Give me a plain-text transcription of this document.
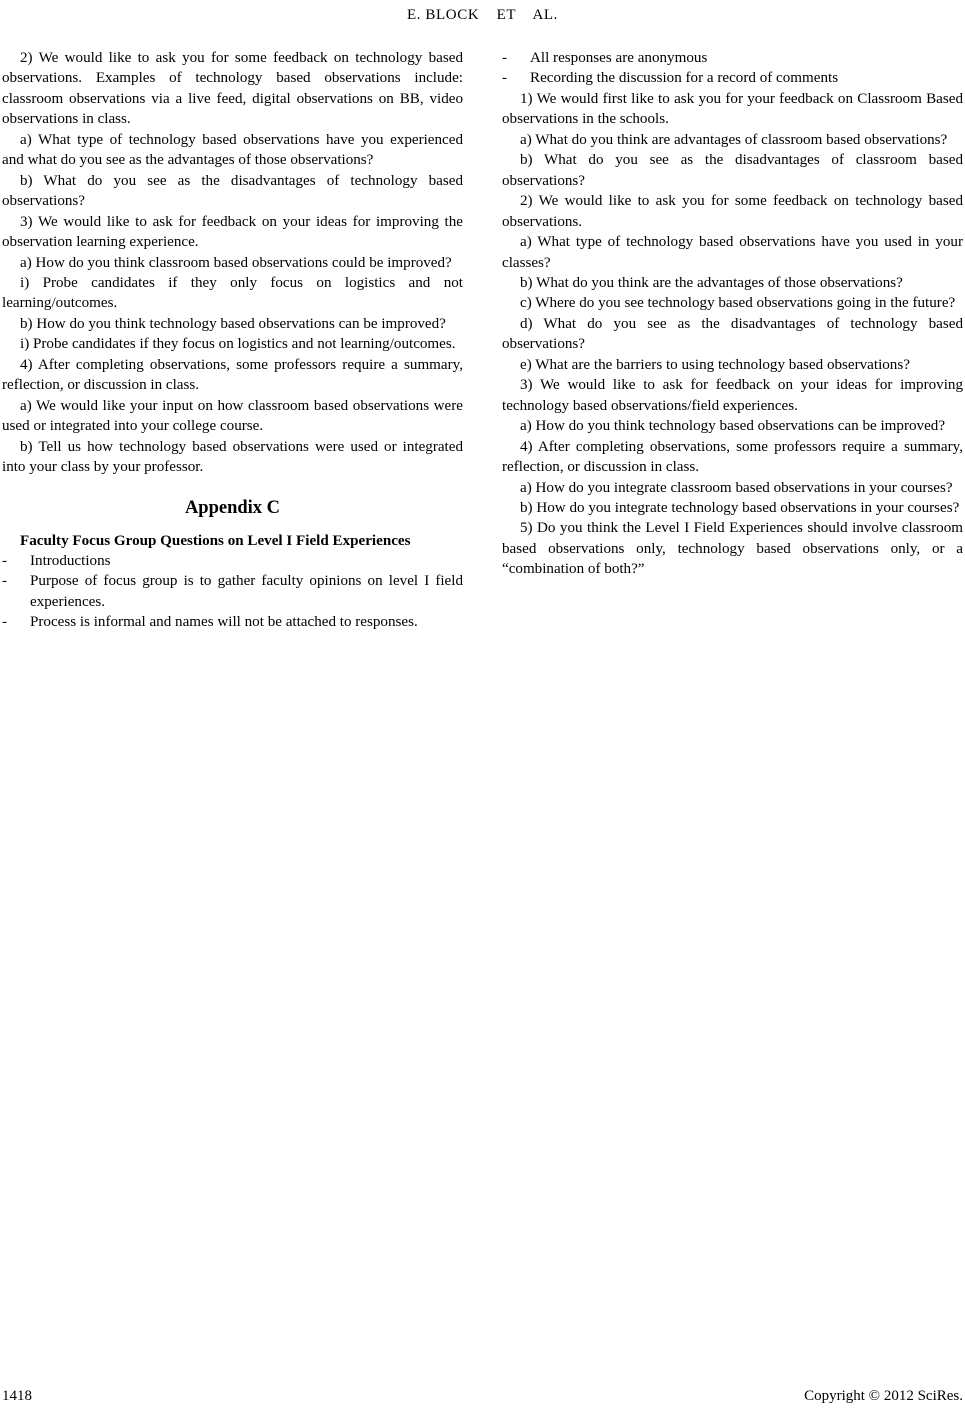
E. BLOCK    ET    AL.

2) We would like to ask you for some feedback on technology based observations. Examples of technology based observations include: classroom observations via a live feed, digital observations on BB, video observations in class.

a) What type of technology based observations have you experienced and what do you see as the advantages of those observations?

b) What do you see as the disadvantages of technology based observations?

3) We would like to ask for feedback on your ideas for improving the observation learning experience.

a) How do you think classroom based observations could be improved?

i) Probe candidates if they only focus on logistics and not learning/outcomes.

b) How do you think technology based observations can be improved?

i) Probe candidates if they focus on logistics and not learning/outcomes.

4) After completing observations, some professors require a summary, reflection, or discussion in class.

a) We would like your input on how classroom based observations were used or integrated into your college course.

b) Tell us how technology based observations were used or integrated into your class by your professor.

Appendix C

Faculty Focus Group Questions on Level I Field Experiences

- Introductions
- Purpose of focus group is to gather faculty opinions on level I field experiences.
- Process is informal and names will not be attached to responses.
- All responses are anonymous
- Recording the discussion for a record of comments

1) We would first like to ask you for your feedback on Classroom Based observations in the schools.

a) What do you think are advantages of classroom based observations?

b) What do you see as the disadvantages of classroom based observations?

2) We would like to ask you for some feedback on technology based observations.

a) What type of technology based observations have you used in your classes?

b) What do you think are the advantages of those observations?

c) Where do you see technology based observations going in the future?

d) What do you see as the disadvantages of technology based observations?

e) What are the barriers to using technology based observations?

3) We would like to ask for feedback on your ideas for improving technology based observations/field experiences.

a) How do you think technology based observations can be improved?

4) After completing observations, some professors require a summary, reflection, or discussion in class.

a) How do you integrate classroom based observations in your courses?

b) How do you integrate technology based observations in your courses?

5) Do you think the Level I Field Experiences should involve classroom based observations only, technology based observations only, or a “combination of both?”

1418	Copyright © 2012 SciRes.
